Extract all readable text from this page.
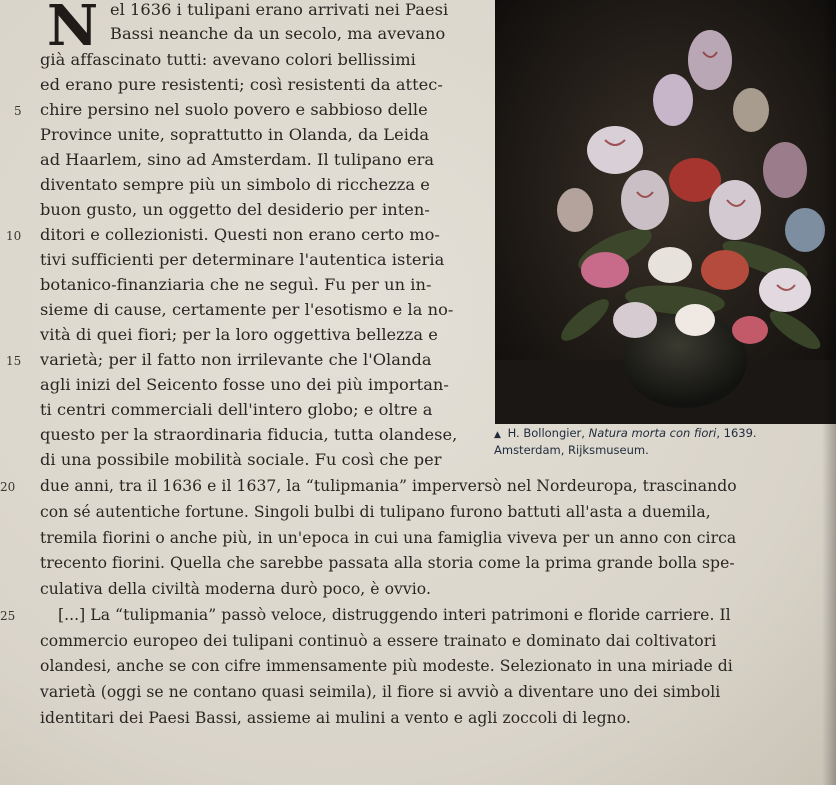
N el 1636 i tulipani erano arrivati nei Paesi
Bassi neanche da un secolo, ma avevano
già affascinato tutti: avevano colori bellissimi
ed erano pure resistenti; così resistenti da attec-
chire persino nel suolo povero e sabbioso delle
Province unite, soprattutto in Olanda, da Leida
ad Haarlem, sino ad Amsterdam. Il tulipano era
diventato sempre più un simbolo di ricchezza e
buon gusto, un oggetto del desiderio per inten-
ditori e collezionisti. Questi non erano certo mo-
tivi sufficienti per determinare l'autentica isteria
botanico-finanziaria che ne seguì. Fu per un in-
sieme di cause, certamente per l'esotismo e la no-
vità di quei fiori; per la loro oggettiva bellezza e
varietà; per il fatto non irrilevante che l'Olanda
agli inizi del Seicento fosse uno dei più importan-
ti centri commerciali dell'intero globo; e oltre a
questo per la straordinaria fiducia, tutta olandese,
di una possibile mobilità sociale. Fu così che per
due anni, tra il 1636 e il 1637, la “tulipmania” imperversò nel Nordeuropa, trascinando
con sé autentiche fortune. Singoli bulbi di tulipano furono battuti all'asta a duemila,
tremila fiorini o anche più, in un'epoca in cui una famiglia viveva per un anno con circa
trecento fiorini. Quella che sarebbe passata alla storia come la prima grande bolla spe-
culativa della civiltà moderna durò poco, è ovvio.
[...] La “tulipmania” passò veloce, distruggendo interi patrimoni e floride carriere. Il
commercio europeo dei tulipani continuò a essere trainato e dominato dai coltivatori
olandesi, anche se con cifre immensamente più modeste. Selezionato in una miriade di
varietà (oggi se ne contano quasi seimila), il fiore si avviò a diventare uno dei simboli
identitari dei Paesi Bassi, assieme ai mulini a vento e agli zoccoli di legno.
5
10
15
20
25
▲ H. Bollongier, Natura morta con fiori, 1639.
Amsterdam, Rijksmuseum.
